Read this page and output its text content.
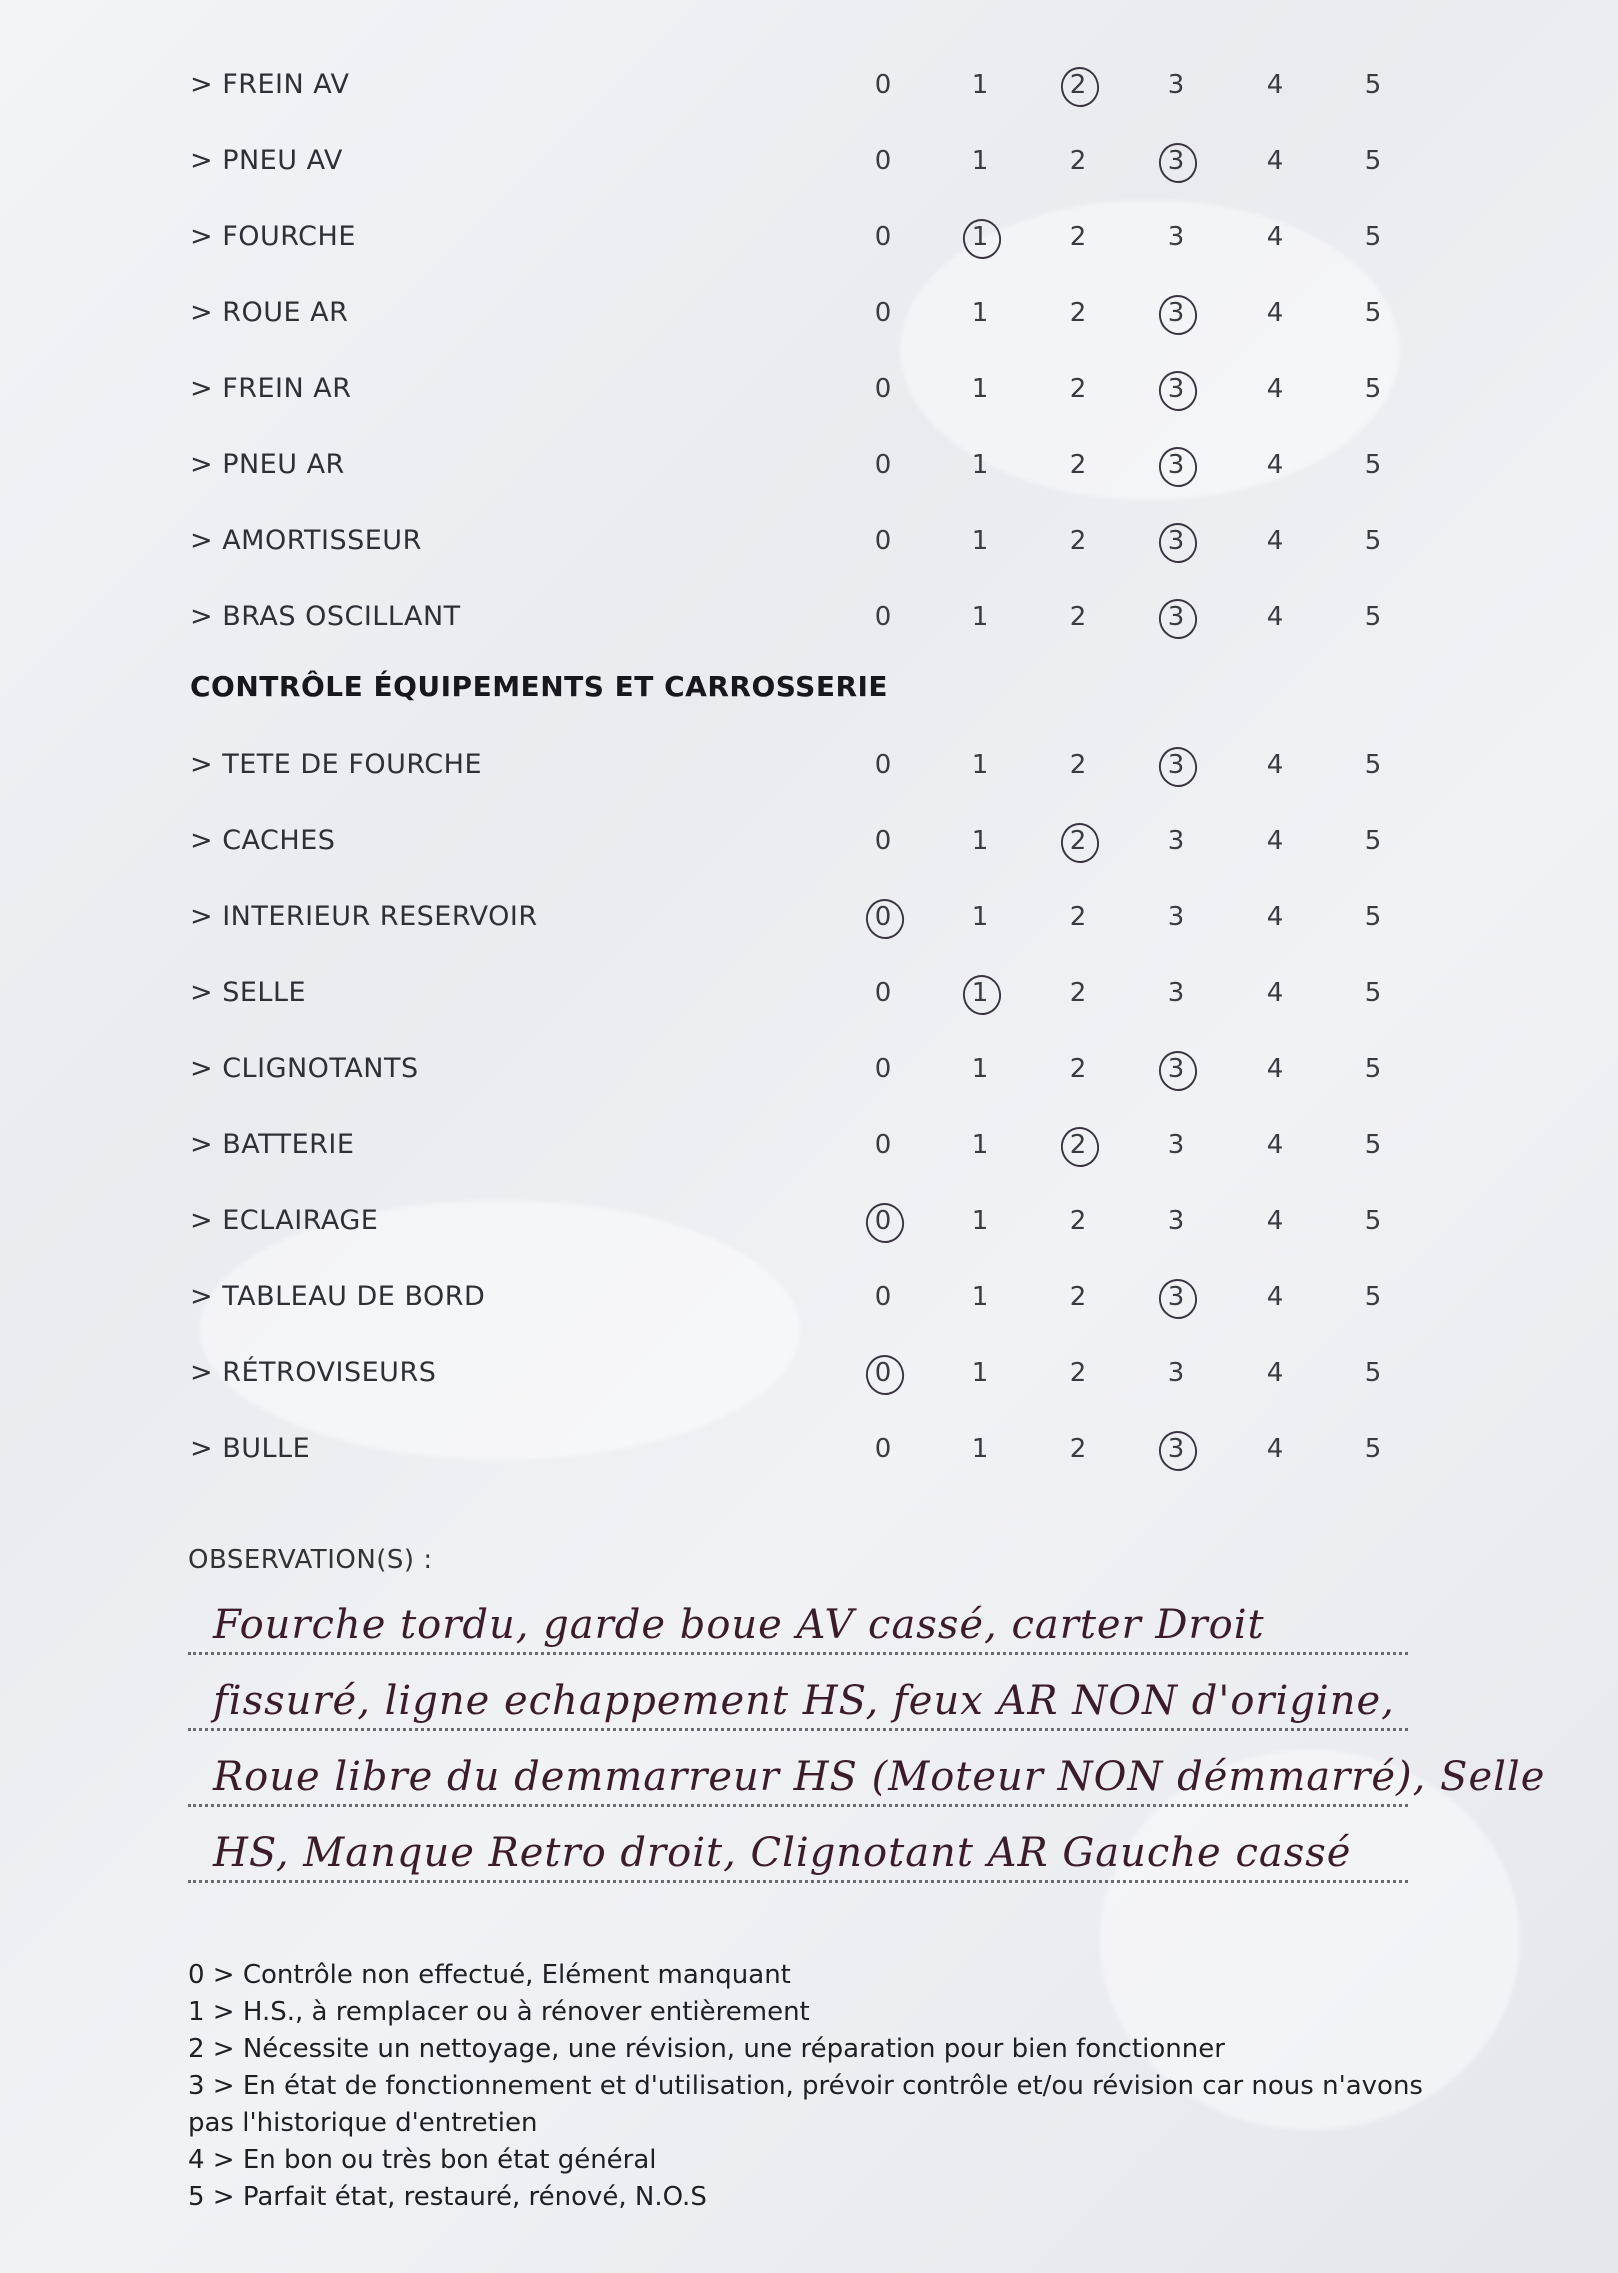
> FREIN AV	0	1	2	3	4	5
> PNEU AV	0	1	2	3	4	5
> FOURCHE	0	1	2	3	4	5
> ROUE AR	0	1	2	3	4	5
> FREIN AR	0	1	2	3	4	5
> PNEU AR	0	1	2	3	4	5
> AMORTISSEUR	0	1	2	3	4	5
> BRAS OSCILLANT	0	1	2	3	4	5
CONTRÔLE ÉQUIPEMENTS ET CARROSSERIE
> TETE DE FOURCHE	0	1	2	3	4	5
> CACHES	0	1	2	3	4	5
> INTERIEUR RESERVOIR	0	1	2	3	4	5
> SELLE	0	1	2	3	4	5
> CLIGNOTANTS	0	1	2	3	4	5
> BATTERIE	0	1	2	3	4	5
> ECLAIRAGE	0	1	2	3	4	5
> TABLEAU DE BORD	0	1	2	3	4	5
> RÉTROVISEURS	0	1	2	3	4	5
> BULLE	0	1	2	3	4	5
OBSERVATION(S) :
Fourche tordu, garde boue AV cassé, carter Droit
fissuré, ligne echappement HS, feux AR NON d'origine,
Roue libre du demmarreur HS (Moteur NON démmarré), Selle
HS, Manque Retro droit, Clignotant AR Gauche cassé
0 > Contrôle non effectué, Elément manquant
1 > H.S., à remplacer ou à rénover entièrement
2 > Nécessite un nettoyage, une révision, une réparation pour bien fonctionner
3 > En état de fonctionnement et d'utilisation, prévoir contrôle et/ou révision car nous n'avons pas l'historique d'entretien
4 > En bon ou très bon état général
5 > Parfait état, restauré, rénové, N.O.S
